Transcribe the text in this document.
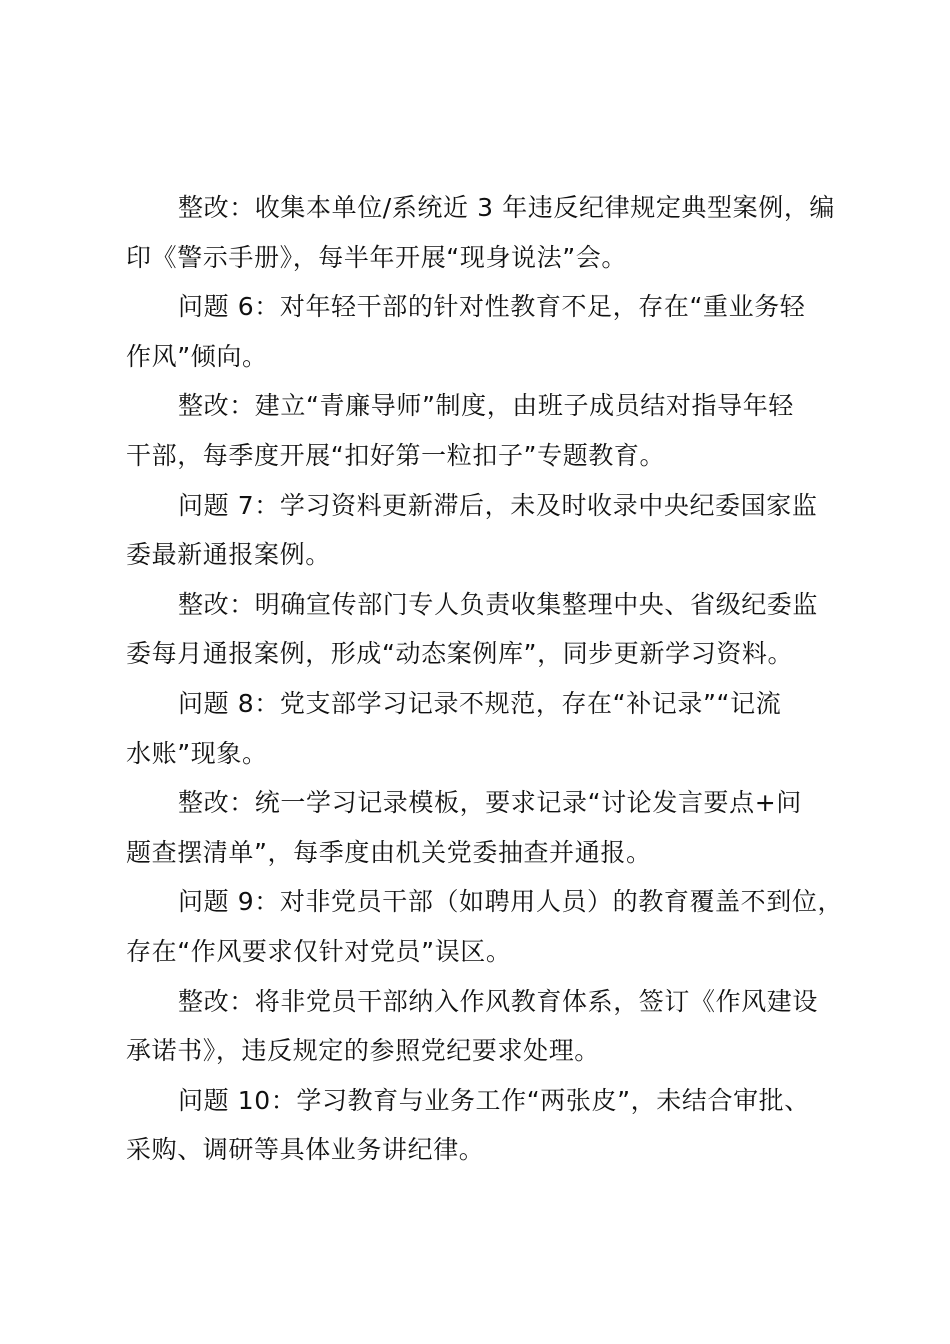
整改：收集本单位/系统近 3 年违反纪律规定典型案例，编
印《警示手册》，每半年开展“现身说法”会。

问题 6：对年轻干部的针对性教育不足，存在“重业务轻
作风”倾向。

整改：建立“青廉导师”制度，由班子成员结对指导年轻
干部，每季度开展“扣好第一粒扣子”专题教育。

问题 7：学习资料更新滞后，未及时收录中央纪委国家监
委最新通报案例。

整改：明确宣传部门专人负责收集整理中央、省级纪委监
委每月通报案例，形成“动态案例库”，同步更新学习资料。

问题 8：党支部学习记录不规范，存在“补记录”“记流
水账”现象。

整改：统一学习记录模板，要求记录“讨论发言要点+问
题查摆清单”，每季度由机关党委抽查并通报。

问题 9：对非党员干部（如聘用人员）的教育覆盖不到位，
存在“作风要求仅针对党员”误区。

整改：将非党员干部纳入作风教育体系，签订《作风建设
承诺书》，违反规定的参照党纪要求处理。

问题 10：学习教育与业务工作“两张皮”，未结合审批、
采购、调研等具体业务讲纪律。
